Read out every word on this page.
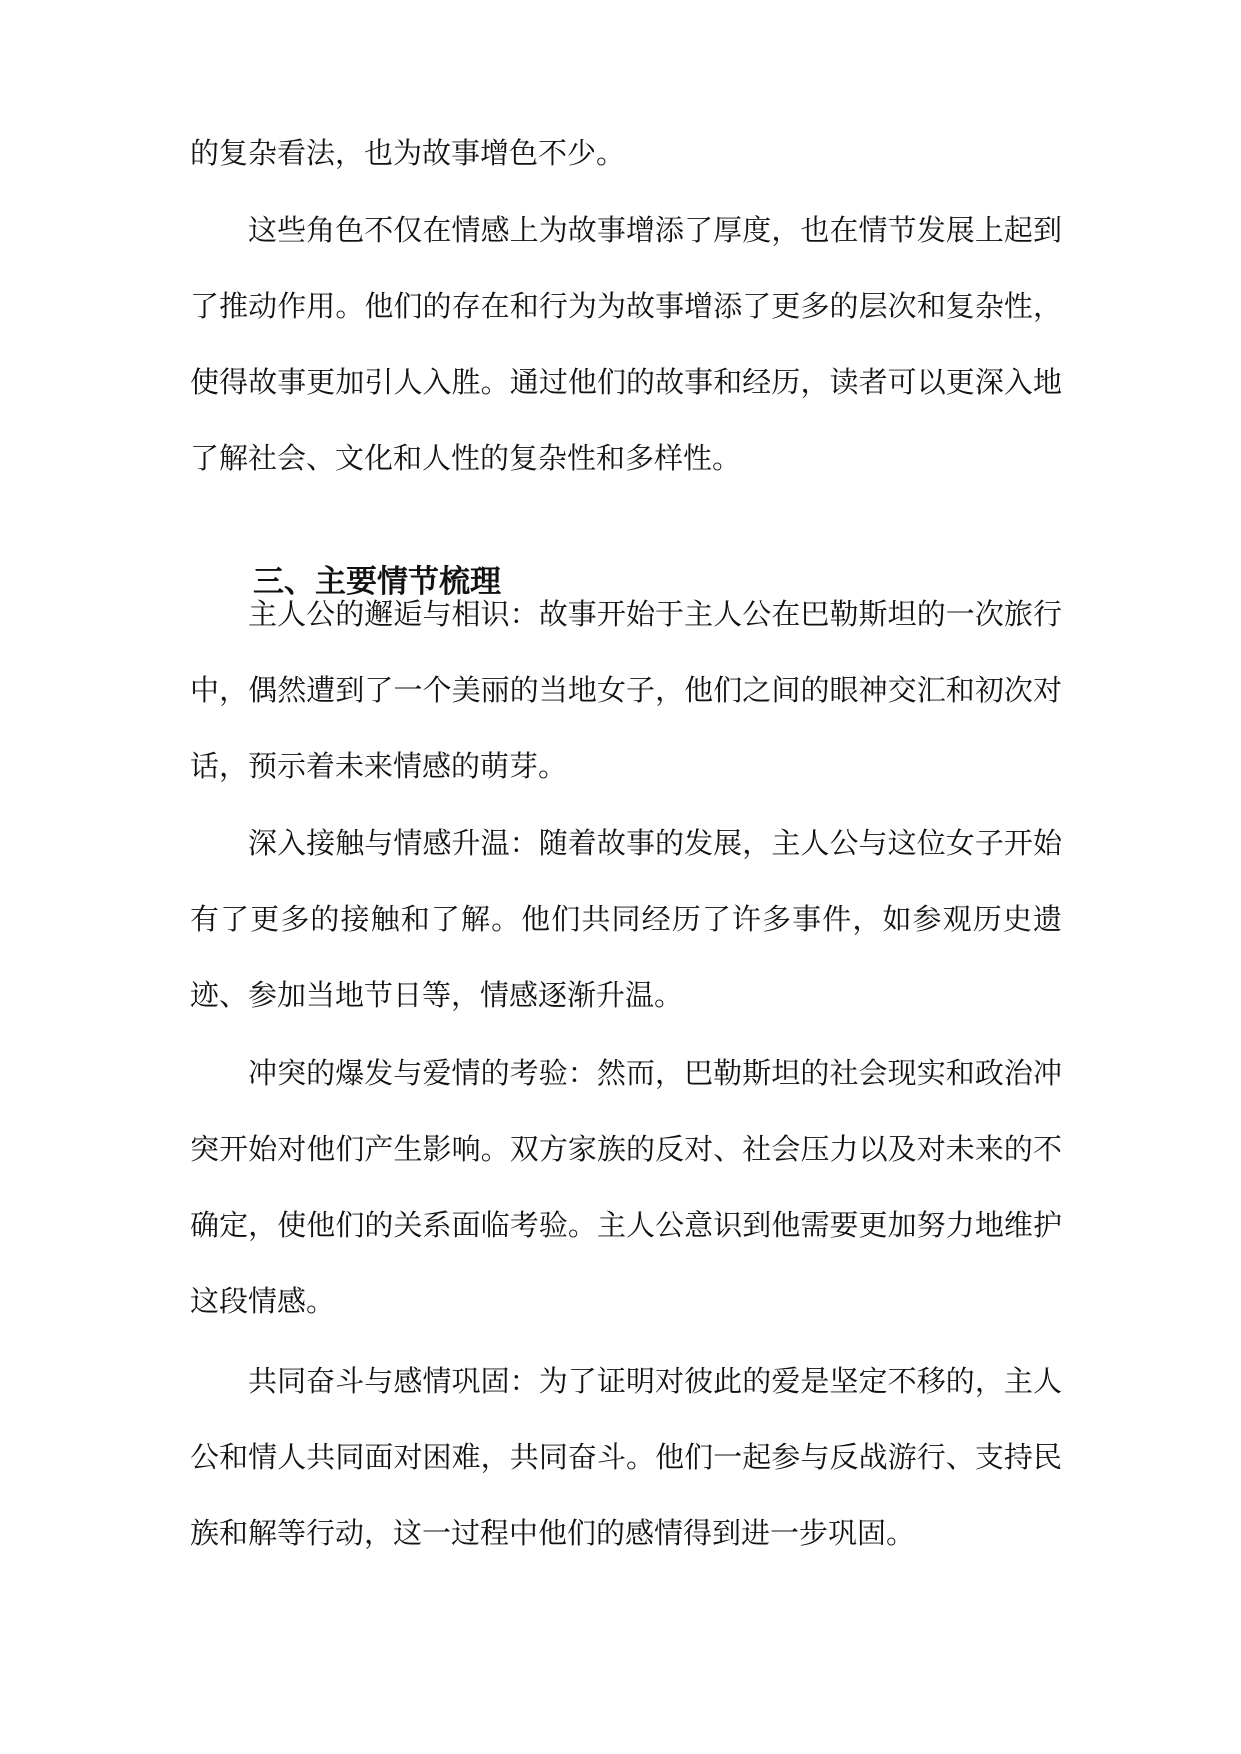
的复杂看法，也为故事增色不少。

这些角色不仅在情感上为故事增添了厚度，也在情节发展上起到了推动作用。他们的存在和行为为故事增添了更多的层次和复杂性，使得故事更加引人入胜。通过他们的故事和经历，读者可以更深入地了解社会、文化和人性的复杂性和多样性。

三、主要情节梳理

主人公的邂逅与相识：故事开始于主人公在巴勒斯坦的一次旅行中，偶然遭到了一个美丽的当地女子，他们之间的眼神交汇和初次对话，预示着未来情感的萌芽。

深入接触与情感升温：随着故事的发展，主人公与这位女子开始有了更多的接触和了解。他们共同经历了许多事件，如参观历史遗迹、参加当地节日等，情感逐渐升温。

冲突的爆发与爱情的考验：然而，巴勒斯坦的社会现实和政治冲突开始对他们产生影响。双方家族的反对、社会压力以及对未来的不确定，使他们的关系面临考验。主人公意识到他需要更加努力地维护这段情感。

共同奋斗与感情巩固：为了证明对彼此的爱是坚定不移的，主人公和情人共同面对困难，共同奋斗。他们一起参与反战游行、支持民族和解等行动，这一过程中他们的感情得到进一步巩固。
